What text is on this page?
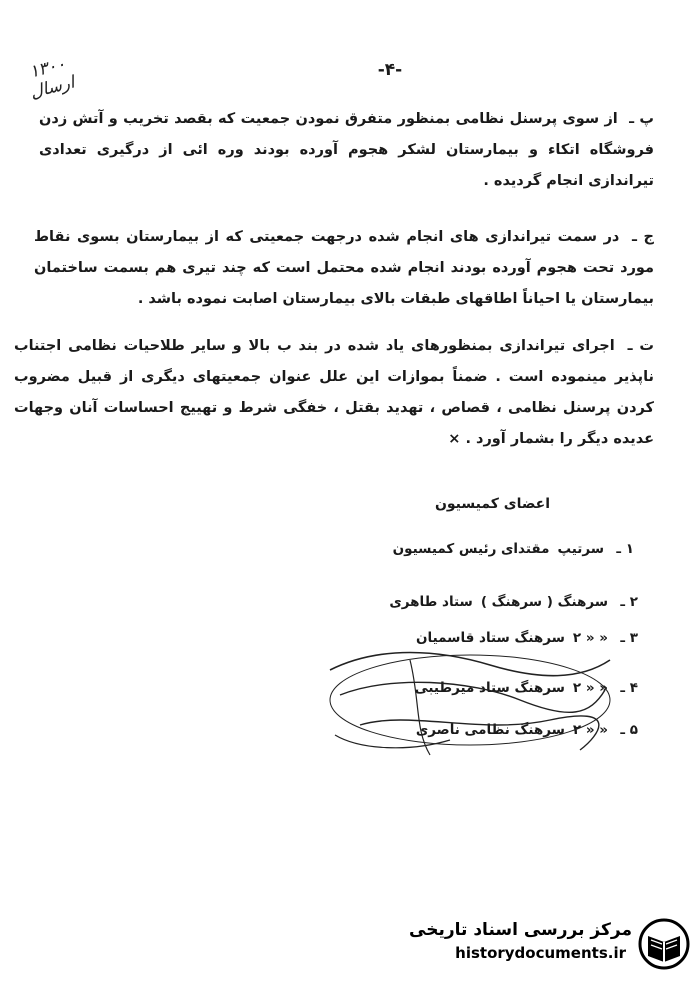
۱۳۰۰ ارسال
-۴-
پ ـ از سوی پرسنل نظامی بمنظور متفرق نمودن جمعیت که بقصد تخریب و آتش زدن فروشگاه اتکاء و بیمارستان لشکر هجوم آورده بودند وره ائی از درگیری تعدادی تیراندازی انجام گردیده .
ج ـ در سمت تیراندازی های انجام شده درجهت جمعیتی که از بیمارستان بسوی نقاط مورد تحت هجوم آورده بودند انجام شده محتمل است که چند تیری هم بسمت ساختمان بیمارستان یا احیاناً اطاقهای طبقات بالای بیمارستان اصابت نموده باشد .
ت ـ اجرای تیراندازی بمنظورهای یاد شده در بند ب بالا و سایر طلاحیات نظامی اجتناب ناپذیر مینموده است . ضمناً بموازات این علل عنوان جمعیتهای دیگری از قبیل مضروب کردن پرسنل نظامی ، قصاص ، تهدید بقتل ، خفگی شرط و تهییج احساسات آنان وجهات عدیده دیگر را بشمار آورد . ×
اعضای کمیسیون
۱ ـ
سرتیپ
مقتدای رئیس کمیسیون
۲ ـ
سرهنگ ( سرهنگ )
ستاد طاهری
۳ ـ
« « ۲
سرهنگ ستاد قاسمیان
۴ ـ
« « ۲
سرهنگ ستاد میرطیبی
۵ ـ
« « ۲
سرهنگ نظامی ناصری
مرکز بررسی اسناد تاریخی
historydocuments.ir
